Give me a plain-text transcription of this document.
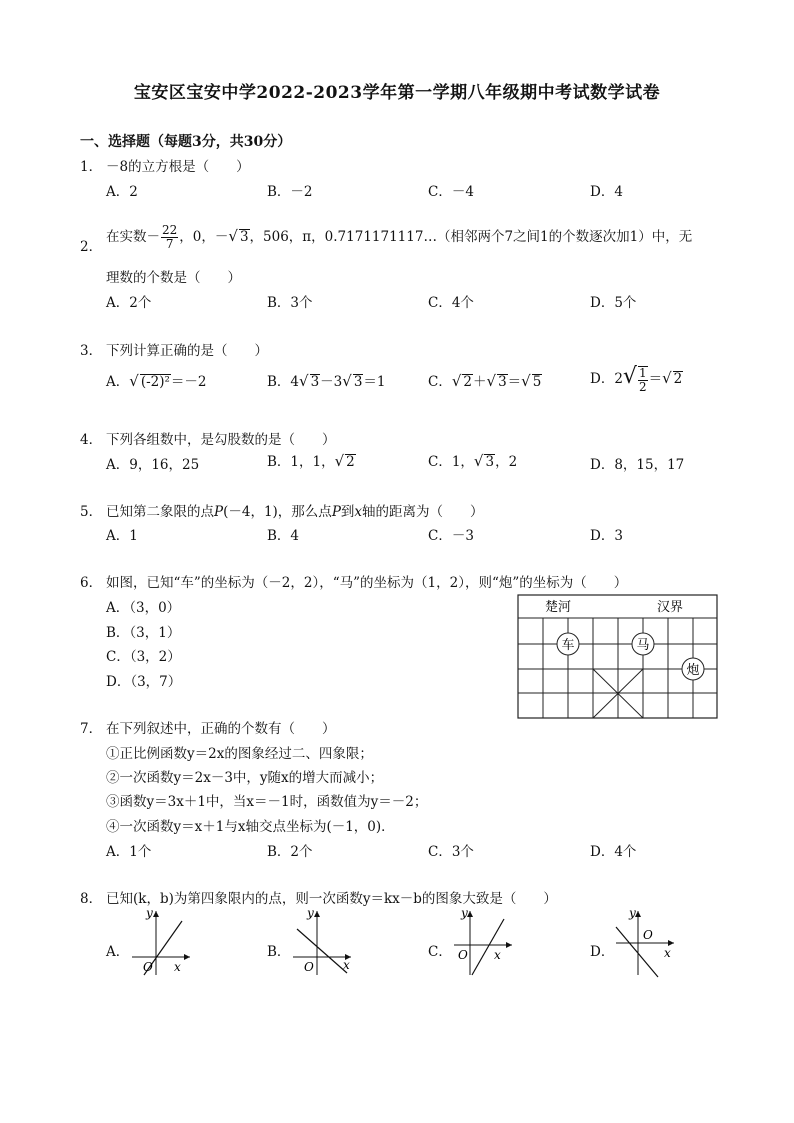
宝安区宝安中学2022-2023学年第一学期八年级期中考试数学试卷
一、选择题（每题3分，共30分）
1． －8的立方根是（　　）
A．2	B．－2	C．－4	D．4
2．
在实数－ $\frac{22}{7}$ ，0，－√ 3，506，π，0.7171171117…（相邻两个7之间1的个数逐次加1）中，无
理数的个数是（　　）
A．2个	B．3个	C．4个	D．5个
3． 下列计算正确的是（　　）
A．√ (-2)²＝－2	B．4√ 3－3√ 3＝1	C．√ 2＋√ 3＝√ 5	D．$2√ \frac{1}{2}$ ＝√ 2
4． 下列各组数中，是勾股数的是（　　）
A．9，16，25	B．1，1，√ 2	C．1，√ 3，2	D．8，15，17
5． 已知第二象限的点P(－4，1)，那么点P到x轴的距离为（　　）
A．1	B．4	C．－3	D．3
6． 如图，已知“车”的坐标为（－2，2），“马”的坐标为（1，2），则“炮”的坐标为（　　）
A．（3，0）
B．（3，1）
C．（3，2）
D．（3，7）
楚河	汉界
车	马
炮
7． 在下列叙述中，正确的个数有（　　）
①正比例函数y＝2x的图象经过二、四象限；
②一次函数y＝2x－3中，y随x的增大而减小；
③函数y＝3x＋1中，当x＝－1时，函数值为y＝－2；
④一次函数y＝x＋1与x轴交点坐标为(－1，0)．
A．1个	B．2个	C．3个	D．4个
8． 已知(k，b)为第四象限内的点，则一次函数y＝kx－b的图象大致是（　　）
A．
y
O x
B．
y
O x
C．
y
O x	D．
y
O
x
